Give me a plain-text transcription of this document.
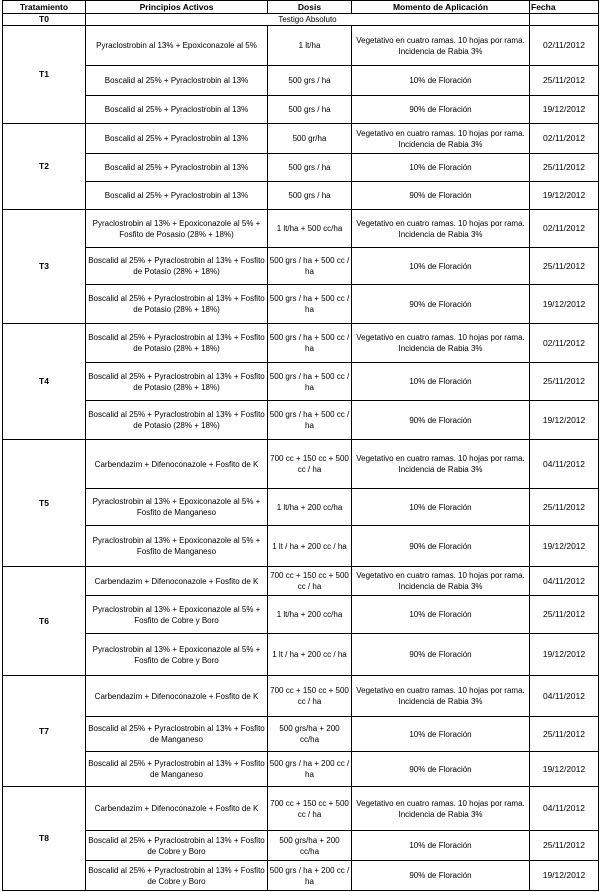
Tratamiento	Principios Activos	Dosis	Momento de Aplicación	Fecha
T0	Testigo Absoluto			
T1	Pyraclostrobin al 13% + Epoxiconazole al 5%	1 lt/ha	Vegetativo en cuatro ramas. 10 hojas por rama. Incidencia de Rabia 3%	02/11/2012
	Boscalid al 25% + Pyraclostrobin al 13%	500 grs / ha	10% de Floración	25/11/2012
	Boscalid al 25% + Pyraclostrobin al 13%	500 grs / ha	90% de Floración	19/12/2012
T2	Boscalid al 25% + Pyraclostrobin al 13%	500 gr/ha	Vegetativo en cuatro ramas. 10 hojas por rama. Incidencia de Rabia 3%	02/11/2012
	Boscalid al 25% + Pyraclostrobin al 13%	500 grs / ha	10% de Floración	25/11/2012
	Boscalid al 25% + Pyraclostrobin al 13%	500 grs / ha	90% de Floración	19/12/2012
T3	Pyraclostrobin al 13% + Epoxiconazole al 5% + Fosfito de Posasio (28% + 18%)	1 lt/ha + 500 cc/ha	Vegetativo en cuatro ramas. 10 hojas por rama. Incidencia de Rabia 3%	02/11/2012
	Boscalid al 25% + Pyraclostrobin al 13% + Fosfito de Potasio (28% + 18%)	500 grs / ha + 500 cc / ha	10% de Floración	25/11/2012
	Boscalid al 25% + Pyraclostrobin al 13% + Fosfito de Potasio (28% + 18%)	500 grs / ha + 500 cc / ha	90% de Floración	19/12/2012
T4	Boscalid al 25% + Pyraclostrobin al 13% + Fosfito de Potasio (28% + 18%)	500 grs / ha + 500 cc / ha	Vegetativo en cuatro ramas. 10 hojas por rama. Incidencia de Rabia 3%	02/11/2012
	Boscalid al 25% + Pyraclostrobin al 13% + Fosfito de Potasio (28% + 18%)	500 grs / ha + 500 cc / ha	10% de Floración	25/11/2012
	Boscalid al 25% + Pyraclostrobin al 13% + Fosfito de Potasio (28% + 18%)	500 grs / ha + 500 cc / ha	90% de Floración	19/12/2012
T5	Carbendazim + Difenoconazole + Fosfito de K	700 cc + 150 cc + 500 cc / ha	Vegetativo en cuatro ramas. 10 hojas por rama. Incidencia de Rabia 3%	04/11/2012
	Pyraclostrobin al 13% + Epoxiconazole al 5% + Fosfito de Manganeso	1 lt/ha + 200 cc/ha	10% de Floración	25/11/2012
	Pyraclostrobin al 13% + Epoxiconazole al 5% + Fosfito de Manganeso	1 lt / ha + 200 cc / ha	90% de Floración	19/12/2012
T6	Carbendazim + Difenoconazole + Fosfito de K	700 cc + 150 cc + 500 cc / ha	Vegetativo en cuatro ramas. 10 hojas por rama. Incidencia de Rabia 3%	04/11/2012
	Pyraclostrobin al 13% + Epoxiconazole al 5% + Fosfito de Cobre y Boro	1 lt/ha + 200 cc/ha	10% de Floración	25/11/2012
	Pyraclostrobin al 13% + Epoxiconazole al 5% + Fosfito de Cobre y Boro	1 lt / ha + 200 cc / ha	90% de Floración	19/12/2012
T7	Carbendazim + Difenoconazole + Fosfito de K	700 cc + 150 cc + 500 cc / ha	Vegetativo en cuatro ramas. 10 hojas por rama. Incidencia de Rabia 3%	04/11/2012
	Boscalid al 25% + Pyraclostrobin al 13% + Fosfito de Manganeso	500 grs/ha + 200 cc/ha	10% de Floración	25/11/2012
	Boscalid al 25% + Pyraclostrobin al 13% + Fosfito de Manganeso	500 grs / ha + 200 cc / ha	90% de Floración	19/12/2012
T8	Carbendazim + Difenoconazole + Fosfito de K	700 cc + 150 cc + 500 cc / ha	Vegetativo en cuatro ramas. 10 hojas por rama. Incidencia de Rabia 3%	04/11/2012
	Boscalid al 25% + Pyraclostrobin al 13% + Fosfito de Cobre y Boro	500 grs/ha + 200 cc/ha	10% de Floración	25/11/2012
	Boscalid al 25% + Pyraclostrobin al 13% + Fosfito de Cobre y Boro	500 grs / ha + 200 cc / ha	90% de Floración	19/12/2012
